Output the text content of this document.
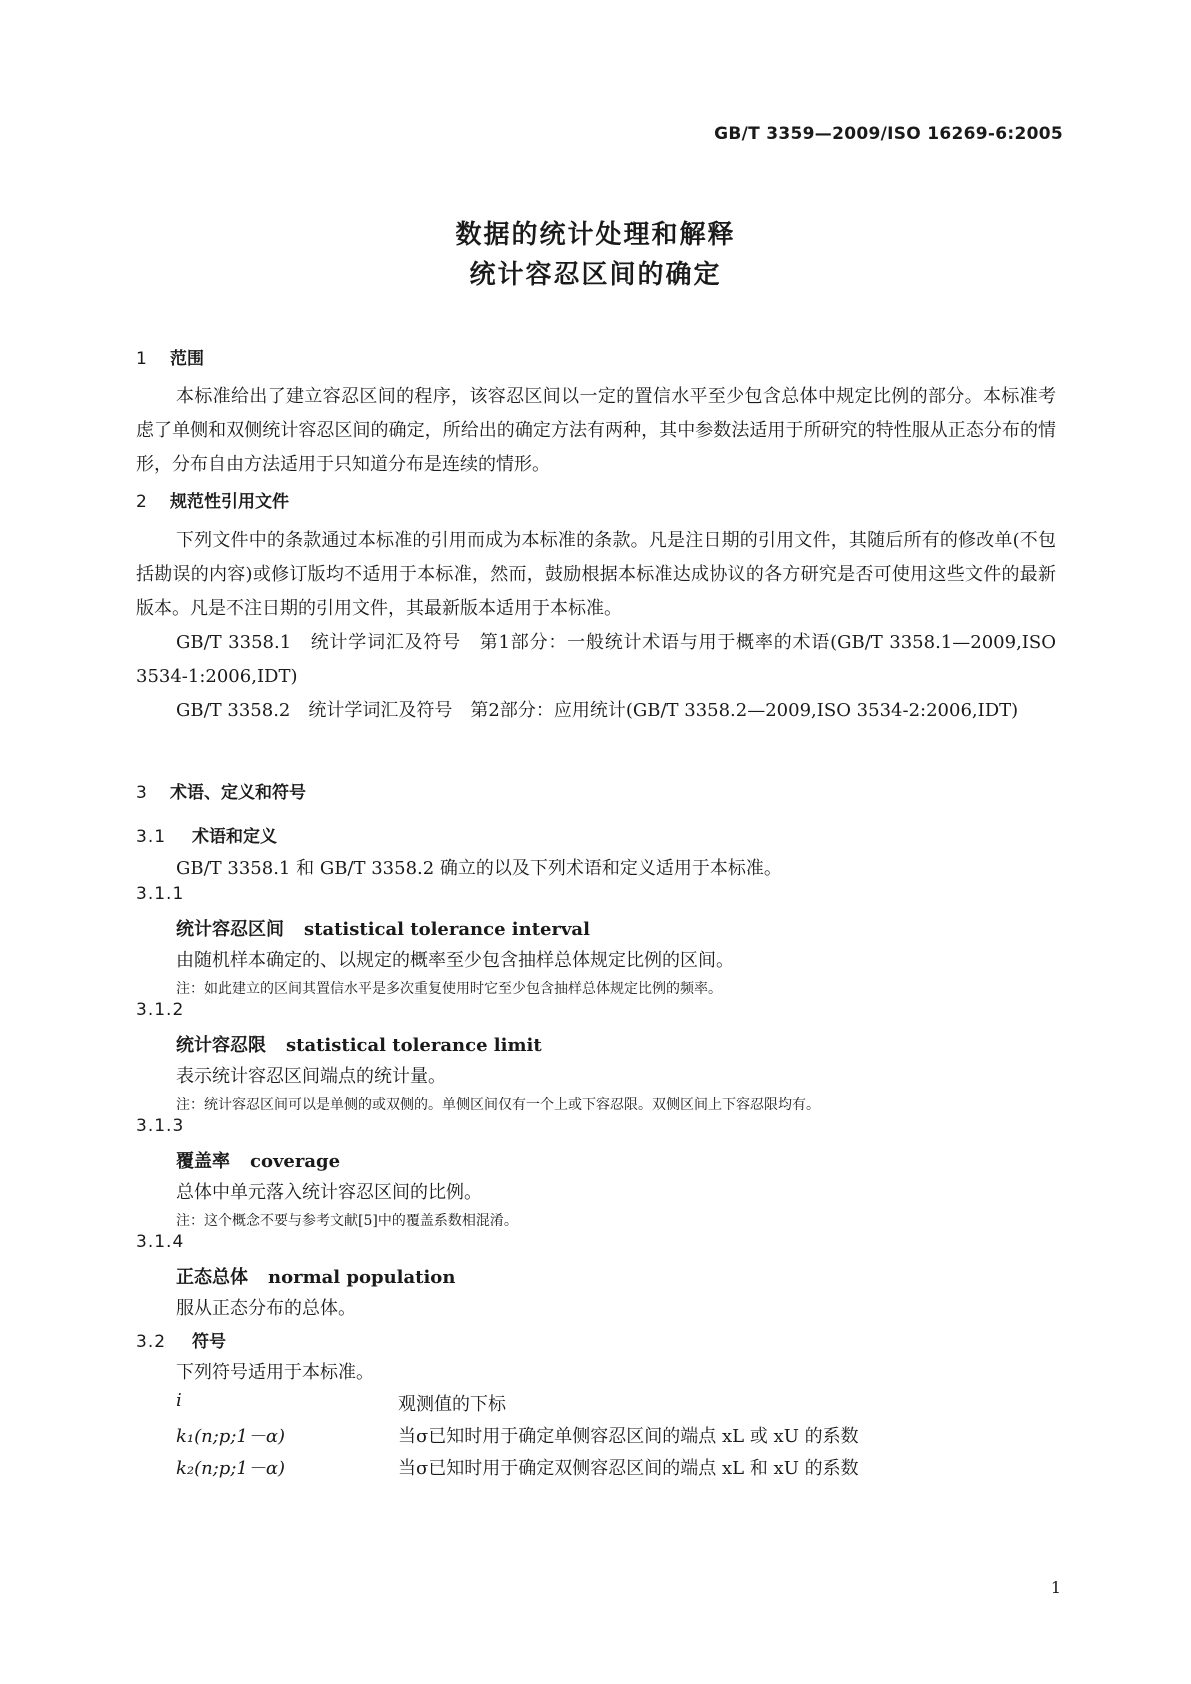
GB/T 3359—2009/ISO 16269-6:2005
数据的统计处理和解释
统计容忍区间的确定
1 范围
本标准给出了建立容忍区间的程序，该容忍区间以一定的置信水平至少包含总体中规定比例的部分。本标准考虑了单侧和双侧统计容忍区间的确定，所给出的确定方法有两种，其中参数法适用于所研究的特性服从正态分布的情形，分布自由方法适用于只知道分布是连续的情形。
2 规范性引用文件
下列文件中的条款通过本标准的引用而成为本标准的条款。凡是注日期的引用文件，其随后所有的修改单(不包括勘误的内容)或修订版均不适用于本标准，然而，鼓励根据本标准达成协议的各方研究是否可使用这些文件的最新版本。凡是不注日期的引用文件，其最新版本适用于本标准。
GB/T 3358.1　统计学词汇及符号　第1部分：一般统计术语与用于概率的术语(GB/T 3358.1—2009,ISO 3534-1:2006,IDT)
GB/T 3358.2　统计学词汇及符号　第2部分：应用统计(GB/T 3358.2—2009,ISO 3534-2:2006,IDT)
3 术语、定义和符号
3.1 术语和定义
GB/T 3358.1 和 GB/T 3358.2 确立的以及下列术语和定义适用于本标准。
3.1.1
统计容忍区间 statistical tolerance interval
由随机样本确定的、以规定的概率至少包含抽样总体规定比例的区间。
注：如此建立的区间其置信水平是多次重复使用时它至少包含抽样总体规定比例的频率。
3.1.2
统计容忍限 statistical tolerance limit
表示统计容忍区间端点的统计量。
注：统计容忍区间可以是单侧的或双侧的。单侧区间仅有一个上或下容忍限。双侧区间上下容忍限均有。
3.1.3
覆盖率 coverage
总体中单元落入统计容忍区间的比例。
注：这个概念不要与参考文献[5]中的覆盖系数相混淆。
3.1.4
正态总体 normal population
服从正态分布的总体。
3.2 符号
下列符号适用于本标准。
i	观测值的下标
k₁(n;p;1－α)	当σ已知时用于确定单侧容忍区间的端点 xL 或 xU 的系数
k₂(n;p;1－α)	当σ已知时用于确定双侧容忍区间的端点 xL 和 xU 的系数
1
